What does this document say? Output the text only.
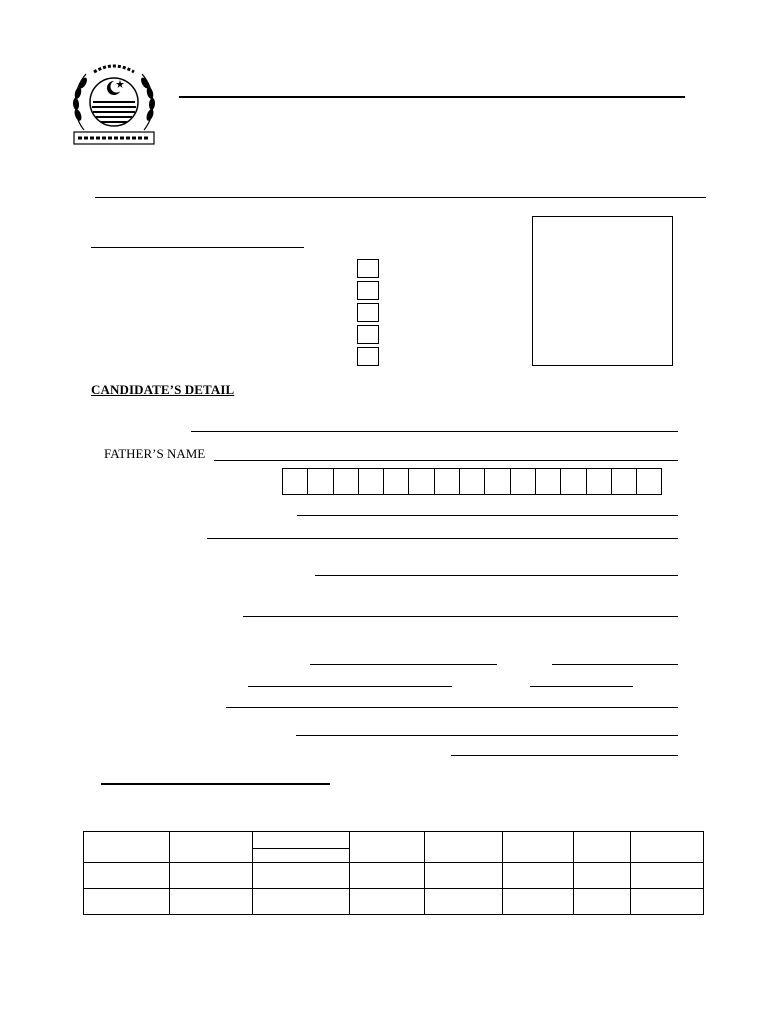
CANDIDATE’S DETAIL
FATHER’S NAME
